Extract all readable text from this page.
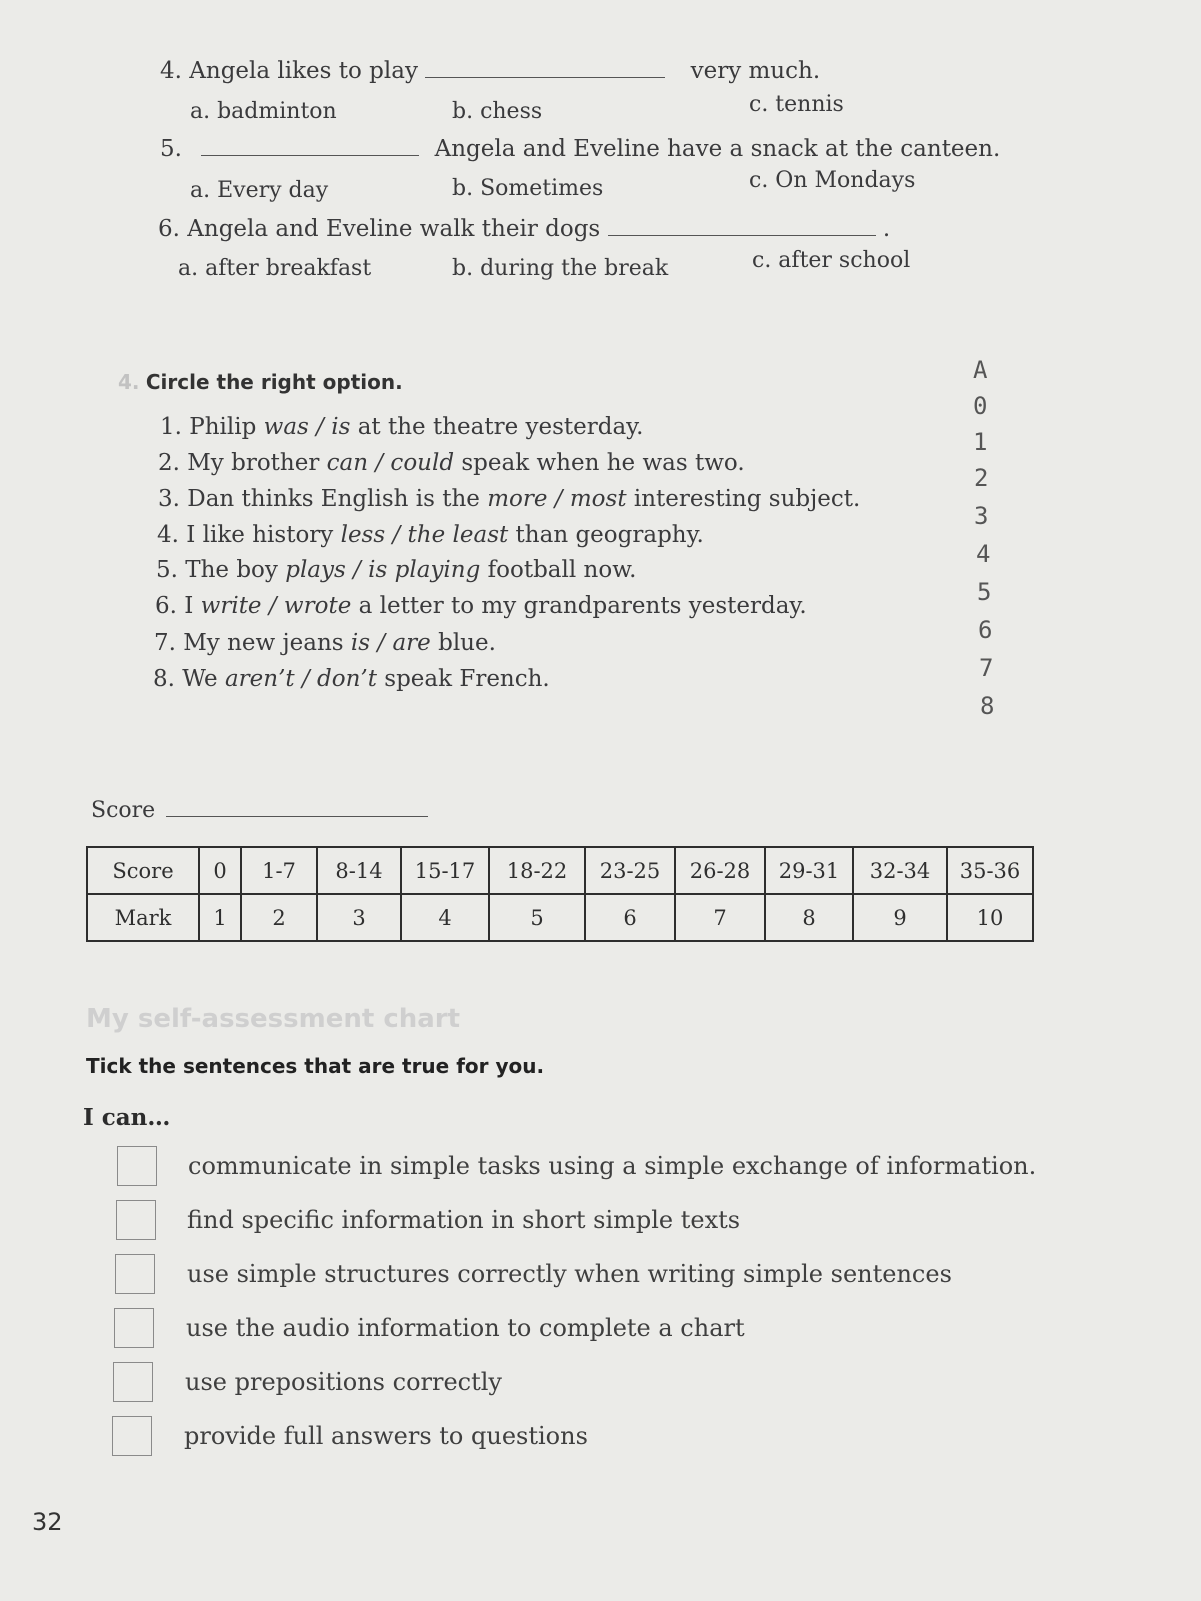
4. Angela likes to play	very much.
a. badminton	b. chess	c. tennis
5.	Angela and Eveline have a snack at the canteen.
a. Every day	b. Sometimes	c. On Mondays
6. Angela and Eveline walk their dogs	.
a. after breakfast	b. during the break	c. after school
4. Circle the right option.
1. Philip was / is at the theatre yesterday.
2. My brother can / could speak when he was two.
3. Dan thinks English is the more / most interesting subject.
4. I like history less / the least than geography.
5. The boy plays / is playing football now.
6. I write / wrote a letter to my grandparents yesterday.
7. My new jeans is / are blue.
8. We aren’t / don’t speak French.
A
0
1
2
3
4
5
6
7
8
Score
Score	0	1-7	8-14	15-17	18-22	23-25	26-28	29-31	32-34	35-36
Mark	1	2	3	4	5	6	7	8	9	10
My self-assessment chart
Tick the sentences that are true for you.
I can…
communicate in simple tasks using a simple exchange of information.
find specific information in short simple texts
use simple structures correctly when writing simple sentences
use the audio information to complete a chart
use prepositions correctly
provide full answers to questions
32
